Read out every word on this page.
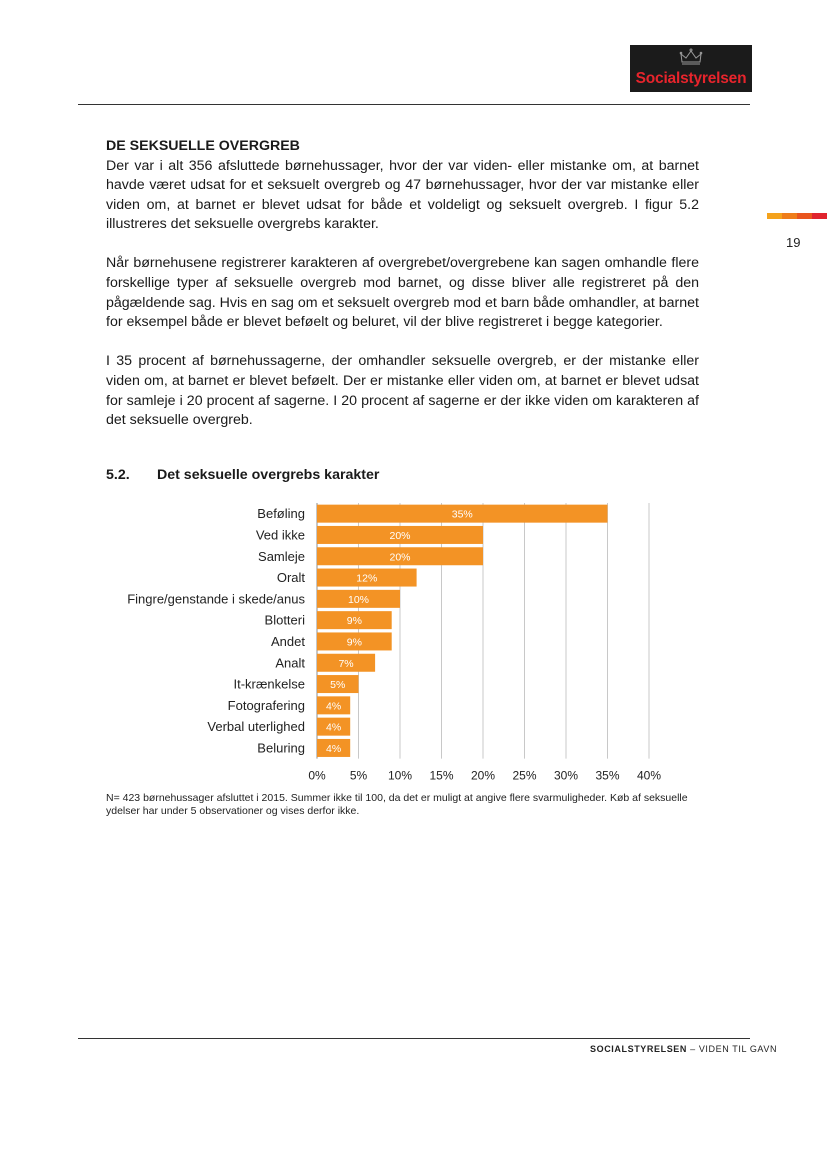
Socialstyrelsen
19
DE SEKSUELLE OVERGREB

Der var i alt 356 afsluttede børnehussager, hvor der var viden- eller mistanke om, at barnet havde været udsat for et seksuelt overgreb og 47 børnehussager, hvor der var mistanke eller viden om, at barnet er blevet udsat for både et voldeligt og seksuelt overgreb. I figur 5.2 illustreres det seksuelle overgrebs karakter.

Når børnehusene registrerer karakteren af overgrebet/overgrebene kan sagen omhandle flere forskellige typer af seksuelle overgreb mod barnet, og disse bliver alle registreret på den pågældende sag. Hvis en sag om et seksuelt overgreb mod et barn både omhandler, at barnet for eksempel både er blevet beføelt og beluret, vil der blive registreret i begge kategorier.

I 35 procent af børnehussagerne, der omhandler seksuelle overgreb, er der mistanke eller viden om, at barnet er blevet beføelt. Der er mistanke eller viden om, at barnet er blevet udsat for samleje i 20 procent af sagerne. I 20 procent af sagerne er der ikke viden om karakteren af det seksuelle overgreb.

5.2. Det seksuelle overgrebs karakter
Beføling	35%
Ved ikke	20%
Samleje	20%
Oralt	12%
Fingre/genstande i skede/anus	10%
Blotteri	9%
Andet	9%
Analt	7%
It-krænkelse 5%
Fotografering 4%
Verbal uterlighed 4%
Beluring 4%
0% 5% 10% 15% 20% 25% 30% 35% 40%
N= 423 børnehussager afsluttet i 2015. Summer ikke til 100, da det er muligt at angive flere svarmuligheder. Køb af seksuelle ydelser har under 5 observationer og vises derfor ikke.
SOCIALSTYRELSEN – VIDEN TIL GAVN
